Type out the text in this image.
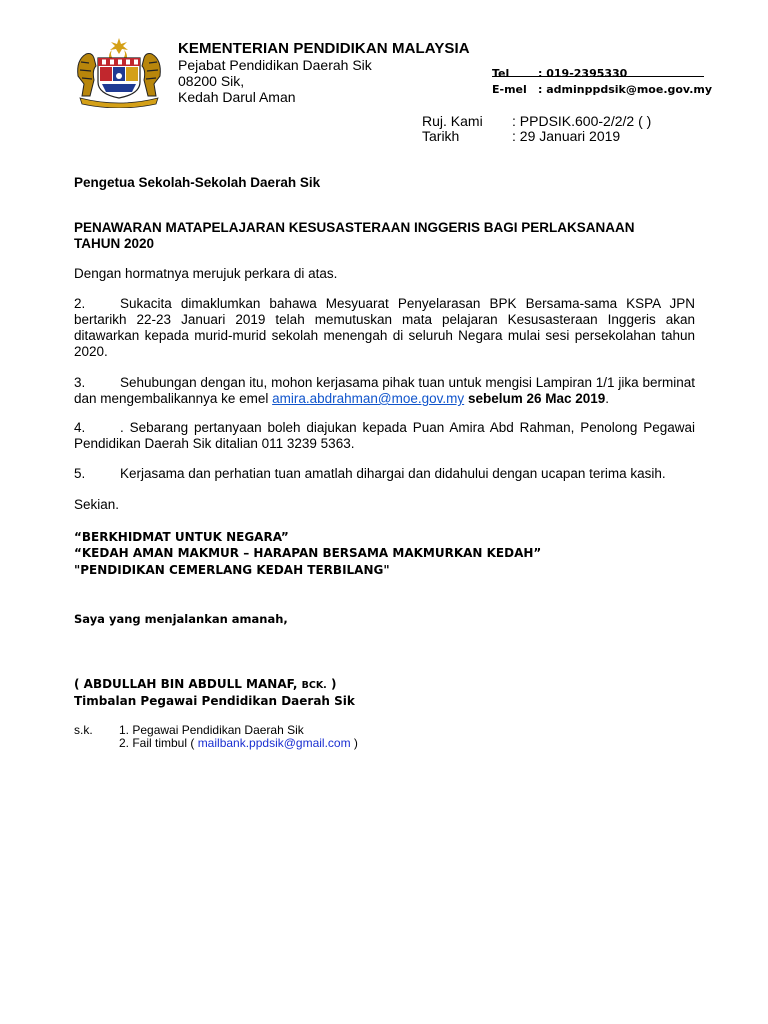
KEMENTERIAN PENDIDIKAN MALAYSIA
Pejabat Pendidikan Daerah Sik
08200 Sik,
Kedah Darul Aman
Tel	: 019-2395330
E-mel : adminppdsik@moe.gov.my
Ruj. Kami : PPDSIK.600-2/2/2 ( )
Tarikh	: 29 Januari 2019
Pengetua Sekolah-Sekolah Daerah Sik
PENAWARAN MATAPELAJARAN KESUSASTERAAN INGGERIS BAGI PERLAKSANAAN
TAHUN 2020
Dengan hormatnya merujuk perkara di atas.
2.	Sukacita dimaklumkan bahawa Mesyuarat Penyelarasan BPK Bersama-sama KSPA JPN bertarikh 22-23 Januari 2019 telah memutuskan mata pelajaran Kesusasteraan Inggeris akan ditawarkan kepada murid-murid sekolah menengah di seluruh Negara mulai sesi persekolahan tahun 2020.
3.	Sehubungan dengan itu, mohon kerjasama pihak tuan untuk mengisi Lampiran 1/1 jika berminat dan mengembalikannya ke emel amira.abdrahman@moe.gov.my sebelum 26 Mac 2019.
4.	. Sebarang pertanyaan boleh diajukan kepada Puan Amira Abd Rahman, Penolong Pegawai Pendidikan Daerah Sik ditalian 011 3239 5363.
5.	Kerjasama dan perhatian tuan amatlah dihargai dan didahului dengan ucapan terima kasih.
Sekian.
“BERKHIDMAT UNTUK NEGARA”
“KEDAH AMAN MAKMUR – HARAPAN BERSAMA MAKMURKAN KEDAH”
"PENDIDIKAN CEMERLANG KEDAH TERBILANG"
Saya yang menjalankan amanah,
( ABDULLAH BIN ABDULL MANAF, BCK. )
Timbalan Pegawai Pendidikan Daerah Sik
s.k. 1. Pegawai Pendidikan Daerah Sik
2. Fail timbul ( mailbank.ppdsik@gmail.com )
